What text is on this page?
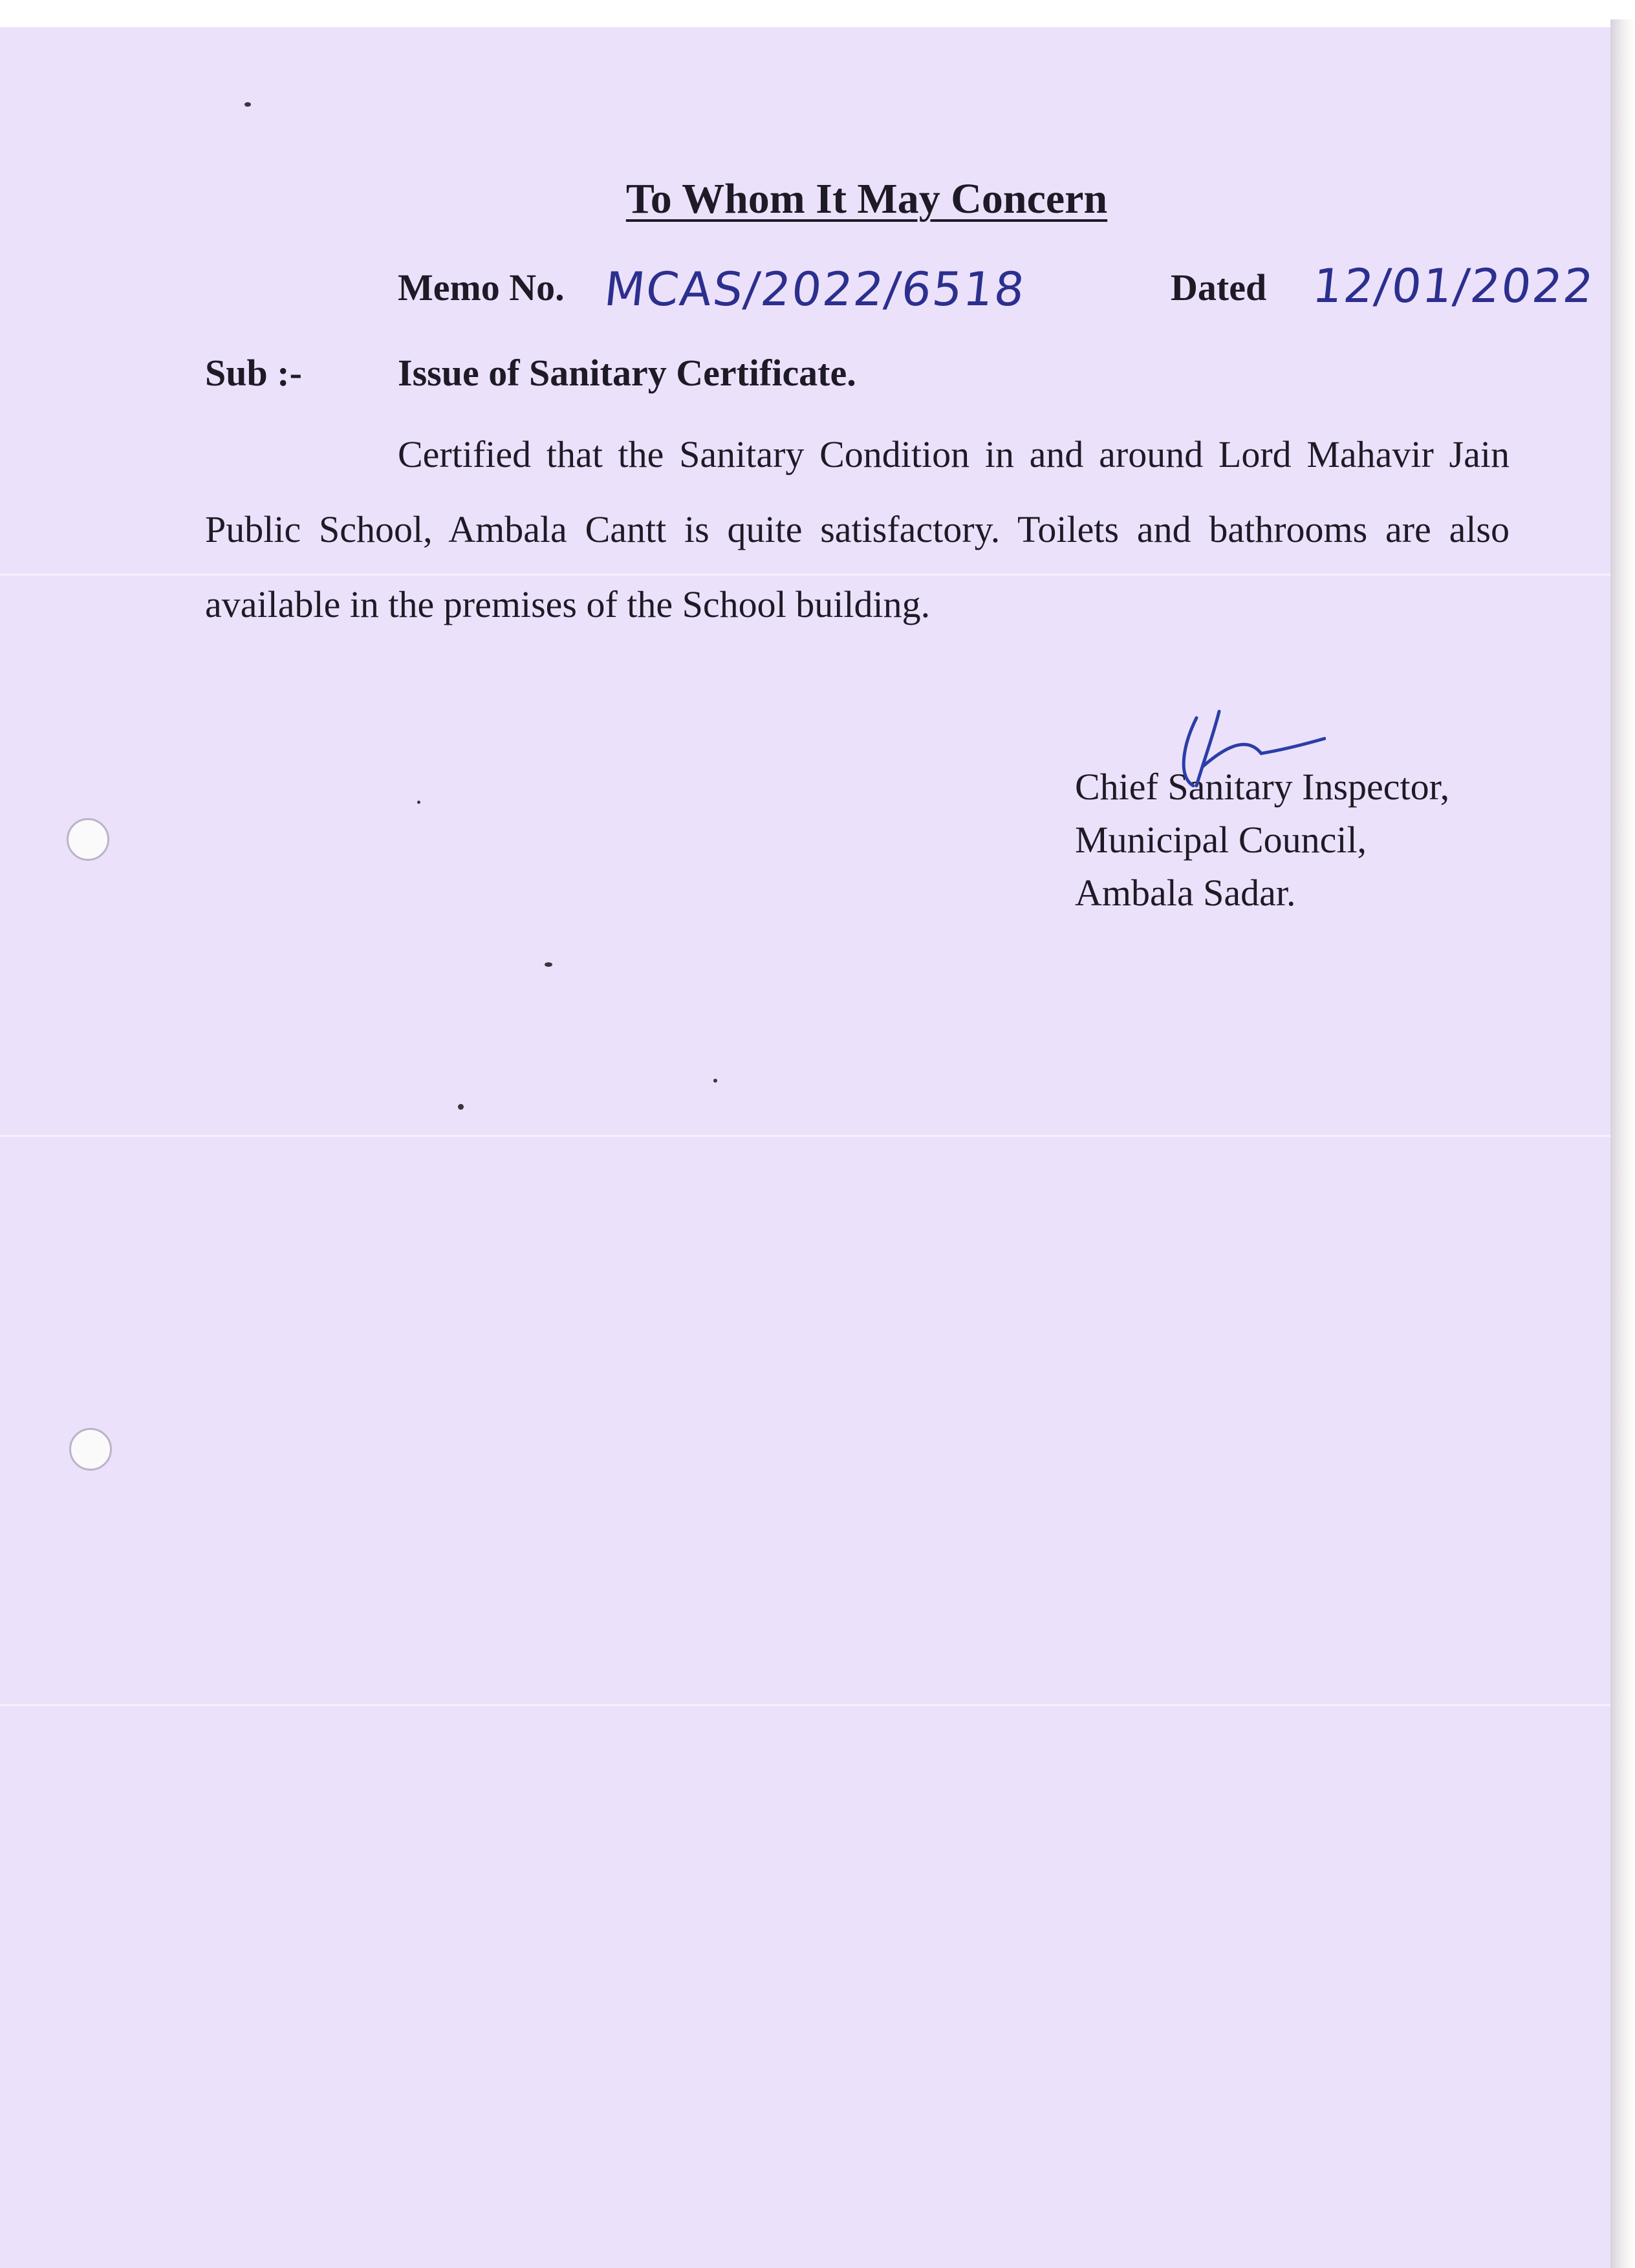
To Whom It May Concern
Memo No. MCAS/2022/6518	Dated 12/01/2022
Sub :-	Issue of Sanitary Certificate.
Certified that the Sanitary Condition in and around Lord Mahavir Jain Public School, Ambala Cantt is quite satisfactory. Toilets and bathrooms are also available in the premises of the School building.
Chief Sanitary Inspector,
Municipal Council,
Ambala Sadar.
